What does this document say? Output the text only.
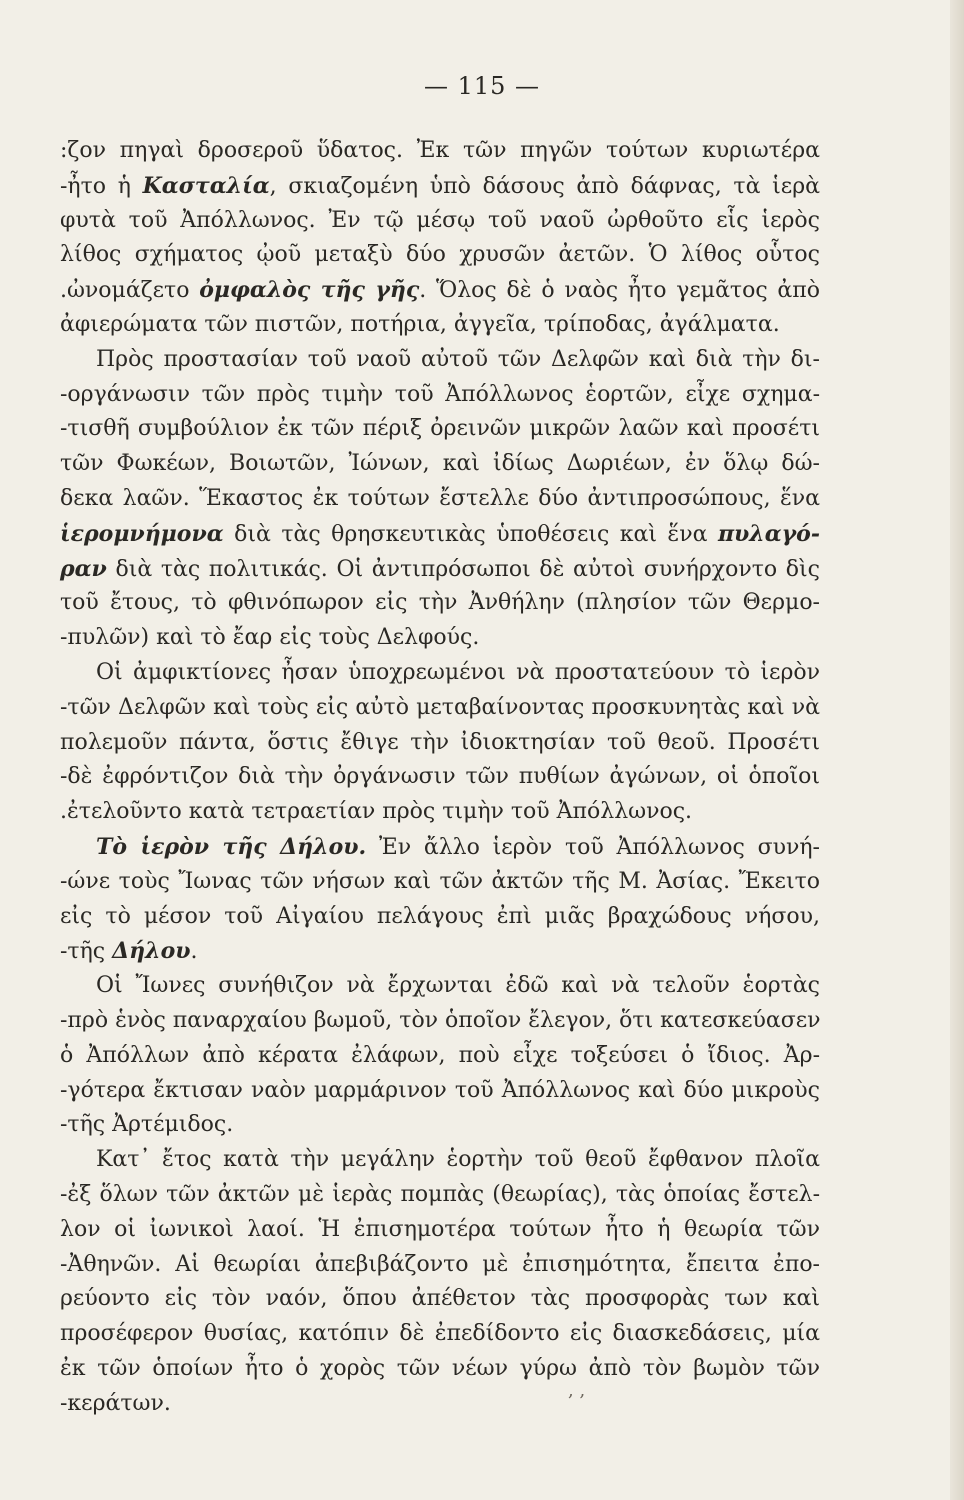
— 115 —
:ζον πηγαὶ δροσεροῦ ὕδατος. Ἐκ τῶν πηγῶν τούτων κυριωτέρα
-ἦτο ἡ Κασταλία, σκιαζομένη ὑπὸ δάσους ἀπὸ δάφνας, τὰ ἱερὰ
φυτὰ τοῦ Ἀπόλλωνος. Ἐν τῷ μέσῳ τοῦ ναοῦ ὠρθοῦτο εἷς ἱερὸς
λίθος σχήματος ᾠοῦ μεταξὺ δύο χρυσῶν ἀετῶν. Ὁ λίθος οὗτος
.ὠνομάζετο ὀμφαλὸς τῆς γῆς. Ὅλος δὲ ὁ ναὸς ἦτο γεμᾶτος ἀπὸ
ἀφιερώματα τῶν πιστῶν, ποτήρια, ἀγγεῖα, τρίποδας, ἀγάλματα.
Πρὸς προστασίαν τοῦ ναοῦ αὐτοῦ τῶν Δελφῶν καὶ διὰ τὴν δι-
-οργάνωσιν τῶν πρὸς τιμὴν τοῦ Ἀπόλλωνος ἑορτῶν, εἶχε σχημα-
-τισθῆ συμβούλιον ἐκ τῶν πέριξ ὀρεινῶν μικρῶν λαῶν καὶ προσέτι
τῶν Φωκέων, Βοιωτῶν, Ἰώνων, καὶ ἰδίως Δωριέων, ἐν ὅλῳ δώ-
δεκα λαῶν. Ἕκαστος ἐκ τούτων ἔστελλε δύο ἀντιπροσώπους, ἕνα
ἱερομνήμονα διὰ τὰς θρησκευτικὰς ὑποθέσεις καὶ ἕνα πυλαγό-
ραν διὰ τὰς πολιτικάς. Οἱ ἀντιπρόσωποι δὲ αὐτοὶ συνήρχοντο δὶς
τοῦ ἔτους, τὸ φθινόπωρον εἰς τὴν Ἀνθήλην (πλησίον τῶν Θερμο-
-πυλῶν) καὶ τὸ ἔαρ εἰς τοὺς Δελφούς.
Οἱ ἀμφικτίονες ἦσαν ὑποχρεωμένοι νὰ προστατεύουν τὸ ἱερὸν
-τῶν Δελφῶν καὶ τοὺς εἰς αὐτὸ μεταβαίνοντας προσκυνητὰς καὶ νὰ
πολεμοῦν πάντα, ὅστις ἔθιγε τὴν ἰδιοκτησίαν τοῦ θεοῦ. Προσέτι
-δὲ ἐφρόντιζον διὰ τὴν ὀργάνωσιν τῶν πυθίων ἀγώνων, οἱ ὁποῖοι
.ἐτελοῦντο κατὰ τετραετίαν πρὸς τιμὴν τοῦ Ἀπόλλωνος.
Τὸ ἱερὸν τῆς Δήλου. Ἐν ἄλλο ἱερὸν τοῦ Ἀπόλλωνος συνή-
-ώνε τοὺς Ἴωνας τῶν νήσων καὶ τῶν ἀκτῶν τῆς Μ. Ἀσίας. Ἔκειτο
εἰς τὸ μέσον τοῦ Αἰγαίου πελάγους ἐπὶ μιᾶς βραχώδους νήσου,
-τῆς Δήλου.
Οἱ Ἴωνες συνήθιζον νὰ ἔρχωνται ἐδῶ καὶ νὰ τελοῦν ἑορτὰς
-πρὸ ἑνὸς παναρχαίου βωμοῦ, τὸν ὁποῖον ἔλεγον, ὅτι κατεσκεύασεν
ὁ Ἀπόλλων ἀπὸ κέρατα ἐλάφων, ποὺ εἶχε τοξεύσει ὁ ἴδιος. Ἀρ-
-γότερα ἔκτισαν ναὸν μαρμάρινον τοῦ Ἀπόλλωνος καὶ δύο μικροὺς
-τῆς Ἀρτέμιδος.
Κατ᾿ ἔτος κατὰ τὴν μεγάλην ἑορτὴν τοῦ θεοῦ ἔφθανον πλοῖα
-ἐξ ὅλων τῶν ἀκτῶν μὲ ἱερὰς πομπὰς (θεωρίας), τὰς ὁποίας ἔστελ-
λον οἱ ἰωνικοὶ λαοί. Ἡ ἐπισημοτέρα τούτων ἦτο ἡ θεωρία τῶν
-Ἀθηνῶν. Αἱ θεωρίαι ἀπεβιβάζοντο μὲ ἐπισημότητα, ἔπειτα ἐπο-
ρεύοντο εἰς τὸν ναόν, ὅπου ἀπέθετον τὰς προσφορὰς των καὶ
προσέφερον θυσίας, κατόπιν δὲ ἐπεδίδοντο εἰς διασκεδάσεις, μία
ἐκ τῶν ὁποίων ἦτο ὁ χορὸς τῶν νέων γύρω ἀπὸ τὸν βωμὸν τῶν
-κεράτων.
, ,
